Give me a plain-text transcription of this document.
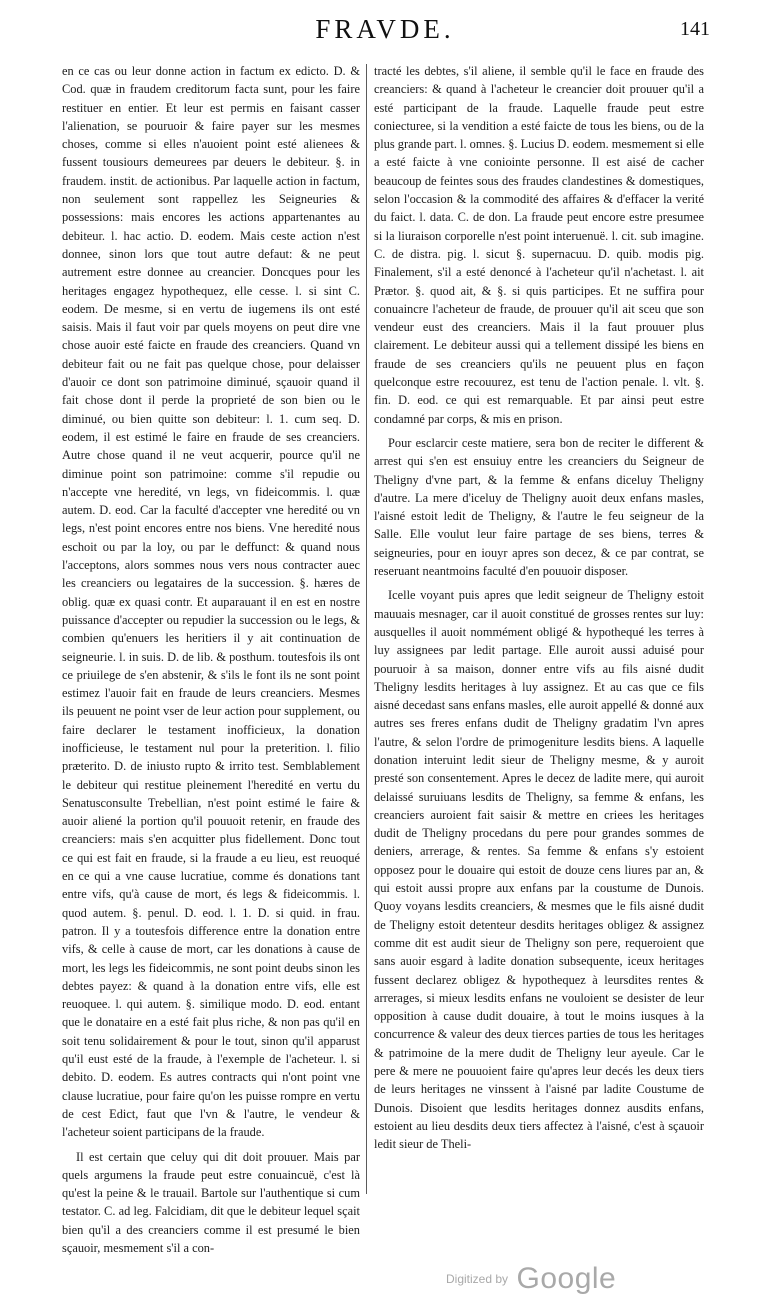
FRAVDE.	141

en ce cas ou leur donne action in factum ex edicto. D. & Cod. quæ in fraudem creditorum facta sunt, pour les faire restituer en entier. Et leur est permis en faisant casser l'alienation, se pouruoir & faire payer sur les mesmes choses, comme si elles n'auoient point esté alienees & fussent tousiours demeurees par deuers le debiteur. §. in fraudem. instit. de actionibus. Par laquelle action in factum, non seulement sont rappellez les Seigneuries & possessions: mais encores les actions appartenantes au debiteur. l. hac actio. D. eodem. Mais ceste action n'est donnee, sinon lors que tout autre defaut: & ne peut autrement estre donnee au creancier. Doncques pour les heritages engagez hypothequez, elle cesse. l. si sint C. eodem. De mesme, si en vertu de iugemens ils ont esté saisis. Mais il faut voir par quels moyens on peut dire vne chose auoir esté faicte en fraude des creanciers. Quand vn debiteur fait ou ne fait pas quelque chose, pour delaisser d'auoir ce dont son patrimoine diminué, sçauoir quand il fait chose dont il perde la proprieté de son bien ou le diminué, ou bien quitte son debiteur: l. 1. cum seq. D. eodem, il est estimé le faire en fraude de ses creanciers. Autre chose quand il ne veut acquerir, pource qu'il ne diminue point son patrimoine: comme s'il repudie ou n'accepte vne heredité, vn legs, vn fideicommis. l. quæ autem. D. eod. Car la faculté d'accepter vne heredité ou vn legs, n'est point encores entre nos biens. Vne heredité nous eschoit ou par la loy, ou par le deffunct: & quand nous l'acceptons, alors sommes nous vers nous contracter auec les creanciers ou legataires de la succession. §. hæres de oblig. quæ ex quasi contr. Et auparauant il en est en nostre puissance d'accepter ou repudier la succession ou le legs, & combien qu'enuers les heritiers il y ait continuation de seigneurie. l. in suis. D. de lib. & posthum. toutesfois ils ont ce priuilege de s'en abstenir, & s'ils le font ils ne sont point estimez l'auoir fait en fraude de leurs creanciers. Mesmes ils peuuent ne point vser de leur action pour supplement, ou faire declarer le testament inofficieux, la donation inofficieuse, le testament nul pour la preterition. l. filio præterito. D. de iniusto rupto & irrito test. Semblablement le debiteur qui restitue pleinement l'heredité en vertu du Senatusconsulte Trebellian, n'est point estimé le faire & auoir aliené la portion qu'il pouuoit retenir, en fraude des creanciers: mais s'en acquitter plus fidellement. Donc tout ce qui est fait en fraude, si la fraude a eu lieu, est reuoqué en ce qui a vne cause lucratiue, comme és donations tant entre vifs, qu'à cause de mort, és legs & fideicommis. l. quod autem. §. penul. D. eod. l. 1. D. si quid. in frau. patron. Il y a toutesfois difference entre la donation entre vifs, & celle à cause de mort, car les donations à cause de mort, les legs les fideicommis, ne sont point deubs sinon les debtes payez: & quand à la donation entre vifs, elle est reuoquee. l. qui autem. §. similique modo. D. eod. entant que le donataire en a esté fait plus riche, & non pas qu'il en soit tenu solidairement & pour le tout, sinon qu'il apparust qu'il eust esté de la fraude, à l'exemple de l'acheteur. l. si debito. D. eodem. Es autres contracts qui n'ont point vne clause lucratiue, pour faire qu'on les puisse rompre en vertu de cest Edict, faut que l'vn & l'autre, le vendeur & l'acheteur soient participans de la fraude.

Il est certain que celuy qui dit doit prouuer. Mais par quels argumens la fraude peut estre conuaincuë, c'est là qu'est la peine & le trauail. Bartole sur l'authentique si cum testator. C. ad leg. Falcidiam, dit que le debiteur lequel sçait bien qu'il a des creanciers comme il est presumé le bien sçauoir, mesmement s'il a con-

tracté les debtes, s'il aliene, il semble qu'il le face en fraude des creanciers: & quand à l'acheteur le creancier doit prouuer qu'il a esté participant de la fraude. Laquelle fraude peut estre coniecturee, si la vendition a esté faicte de tous les biens, ou de la plus grande part. l. omnes. §. Lucius D. eodem. mesmement si elle a esté faicte à vne coniointe personne. Il est aisé de cacher beaucoup de feintes sous des fraudes clandestines & domestiques, selon l'occasion & la commodité des affaires & d'effacer la verité du faict. l. data. C. de don. La fraude peut encore estre presumee si la liuraison corporelle n'est point interuenuë. l. cit. sub imagine. C. de distra. pig. l. sicut §. supernacuu. D. quib. modis pig. Finalement, s'il a esté denoncé à l'acheteur qu'il n'achetast. l. ait Prætor. §. quod ait, & §. si quis participes. Et ne suffira pour conuaincre l'acheteur de fraude, de prouuer qu'il ait sceu que son vendeur eust des creanciers. Mais il la faut prouuer plus clairement. Le debiteur aussi qui a tellement dissipé les biens en fraude de ses creanciers qu'ils ne peuuent plus en façon quelconque estre recouurez, est tenu de l'action penale. l. vlt. §. fin. D. eod. ce qui est remarquable. Et par ainsi peut estre condamné par corps, & mis en prison.

Pour esclarcir ceste matiere, sera bon de reciter le different & arrest qui s'en est ensuiuy entre les creanciers du Seigneur de Theligny d'vne part, & la femme & enfans diceluy Theligny d'autre. La mere d'iceluy de Theligny auoit deux enfans masles, l'aisné estoit ledit de Theligny, & l'autre le feu seigneur de la Salle. Elle voulut leur faire partage de ses biens, terres & seigneuries, pour en iouyr apres son decez, & ce par contrat, se reseruant neantmoins faculté d'en pouuoir disposer.

Icelle voyant puis apres que ledit seigneur de Theligny estoit mauuais mesnager, car il auoit constitué de grosses rentes sur luy: ausquelles il auoit nommément obligé & hypothequé les terres à luy assignees par ledit partage. Elle auroit aussi aduisé pour pouruoir à sa maison, donner entre vifs au fils aisné dudit Theligny lesdits heritages à luy assignez. Et au cas que ce fils aisné decedast sans enfans masles, elle auroit appellé & donné aux autres ses freres enfans dudit de Theligny gradatim l'vn apres l'autre, & selon l'ordre de primogeniture lesdits biens. A laquelle donation interuint ledit sieur de Theligny mesme, & y auroit presté son consentement. Apres le decez de ladite mere, qui auroit delaissé suruiuans lesdits de Theligny, sa femme & enfans, les creanciers auroient fait saisir & mettre en criees les heritages dudit de Theligny procedans du pere pour grandes sommes de deniers, arrerage, & rentes. Sa femme & enfans s'y estoient opposez pour le douaire qui estoit de douze cens liures par an, & qui estoit aussi propre aux enfans par la coustume de Dunois. Quoy voyans lesdits creanciers, & mesmes que le fils aisné dudit de Theligny estoit detenteur desdits heritages obligez & assignez comme dit est audit sieur de Theligny son pere, requeroient que sans auoir esgard à ladite donation subsequente, iceux heritages fussent declarez obligez & hypothequez à leursdites rentes & arrerages, si mieux lesdits enfans ne vouloient se desister de leur opposition à cause dudit douaire, à tout le moins iusques à la concurrence & valeur des deux tierces parties de tous les heritages & patrimoine de la mere dudit de Theligny leur ayeule. Car le pere & mere ne pouuoient faire qu'apres leur decés les deux tiers de leurs heritages ne vinssent à l'aisné par ladite Coustume de Dunois. Disoient que lesdits heritages donnez ausdits enfans, estoient au lieu desdits deux tiers affectez à l'aisné, c'est à sçauoir ledit sieur de Theli-

Digitized by Google
